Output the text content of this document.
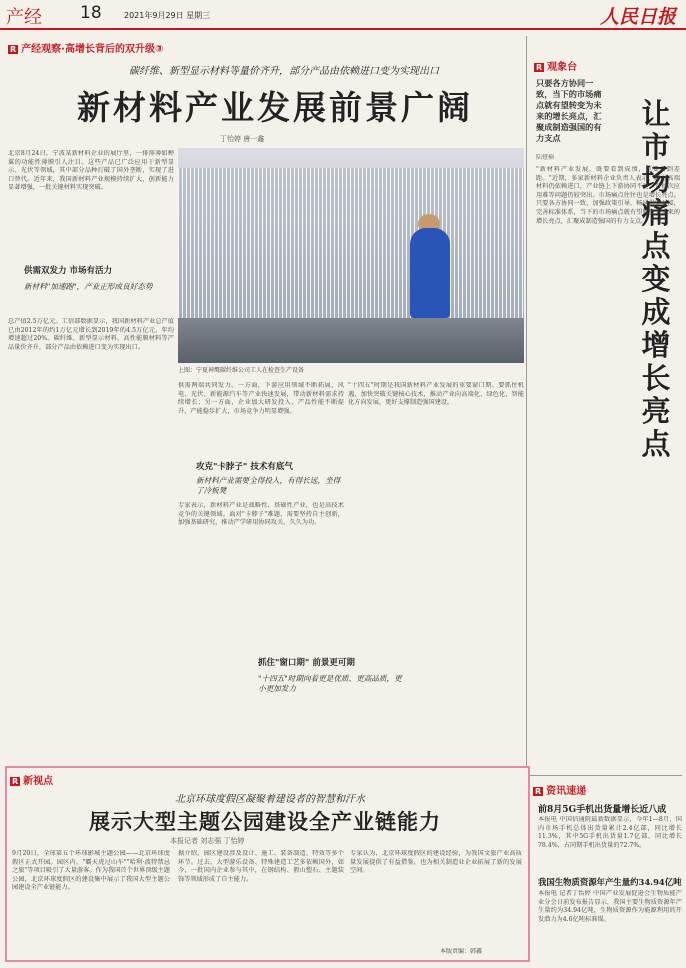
产经 18	2021年9月29日 星期三	人民日报
R 产经观察·高增长背后的双升级③
碳纤维、新型显示材料等量价齐升，部分产品由依赖进口变为实现出口
新材料产业发展前景广阔
丁怡婷 唐一鑫
上图：宁夏神鹰碳纤维公司工人在检查生产设备
北京8月24日，宁波某新材料企业的展厅里，一排排薄如蝉翼的功能性薄膜引人注目。这些产品已广泛应用于新型显示、光伏等领域，其中部分品种打破了国外垄断，实现了进口替代。近年来，我国新材料产业规模持续扩大，创新能力显著增强，一批关键材料实现突破。
供需双发力 市场有活力
新材料"加速跑"，产业正形成良好态势
总产值2.5万亿元。工信部数据显示，我国新材料产业总产值已由2012年的约1万亿元增长到2019年的4.5万亿元，年均增速超过20%。碳纤维、新型显示材料、高性能膜材料等产品量价齐升，部分产品由依赖进口变为实现出口。
供需两端共同发力。一方面，下游应用领域不断拓展，风电、光伏、新能源汽车等产业快速发展，带动新材料需求持续增长；另一方面，企业加大研发投入，产品性能不断提升，产能稳步扩大，市场竞争力明显增强。
攻克"卡脖子" 技术有底气
新材料产业需要全得投入，有得长远，坐得了冷板凳
专家表示，新材料产业是战略性、基础性产业，也是高技术竞争的关键领域。面对"卡脖子"难题，需要坚持自主创新，加强基础研究，推动产学研用协同攻关，久久为功。
"十四五"时期是我国新材料产业发展的重要窗口期。要抓住机遇，加快突破关键核心技术，推动产业向高端化、绿色化、智能化方向发展，更好支撑制造强国建设。
抓住"窗口期" 前景更可期
"十四五"时期向着更是优质、更高品质，更小更加发力
R 观象台
只要各方协同一致，当下的市场痛点就有望转变为未来的增长亮点，汇聚成制造强国的有力支点
让市场痛点变成增长亮点
陆娅楠
"新材料产业发展，既要看到成绩，也要看到差距。"近期，多家新材料企业负责人表示，部分高端材料仍依赖进口，产业链上下游协同不足，首批次应用难等问题仍较突出。市场痛点往往也是增长亮点。只要各方协同一致，加强政策引导，畅通供需对接，完善标准体系，当下的市场痛点就有望转变为未来的增长亮点，汇聚成制造强国的有力支点。
R 资讯速递
前8月5G手机出货量增长近八成
本报电 中国信通院最新数据显示，今年1—8月，国内市场手机总体出货量累计2.4亿部，同比增长11.3%，其中5G手机出货量1.7亿部，同比增长78.4%，占同期手机出货量的72.7%。
我国生物质资源年产生量约34.94亿吨
本报电 记者丁怡婷 中国产业发展促进会生物质能产业分会日前发布报告显示，我国主要生物质资源年产生量约为34.94亿吨，生物质资源作为能源利用的开发潜力为4.6亿吨标准煤。
R 新视点
北京环球度假区凝聚着建设者的智慧和汗水
展示大型主题公园建设全产业链能力
本报记者 刘志强 丁怡婷
9月20日，全球第五个环球影城主题公园——北京环球度假区正式开园。园区内，"霸天虎过山车""哈利·波特禁忌之旅"等项目吸引了大量游客。作为我国首个世界顶级主题公园，北京环球度假区的建设集中展示了我国大型主题公园建设全产业链能力。
据介绍，园区建设涉及设计、施工、装备制造、特效等多个环节。过去，大型游乐设备、特殊建造工艺多依赖国外，如今，一批国内企业参与其中，在钢结构、假山塑石、主题装饰等领域形成了自主能力。
专家认为，北京环球度假区的建设经验，为我国文旅产业高质量发展提供了有益借鉴，也为相关制造业企业拓展了新的发展空间。
本版责编：韩鑫
